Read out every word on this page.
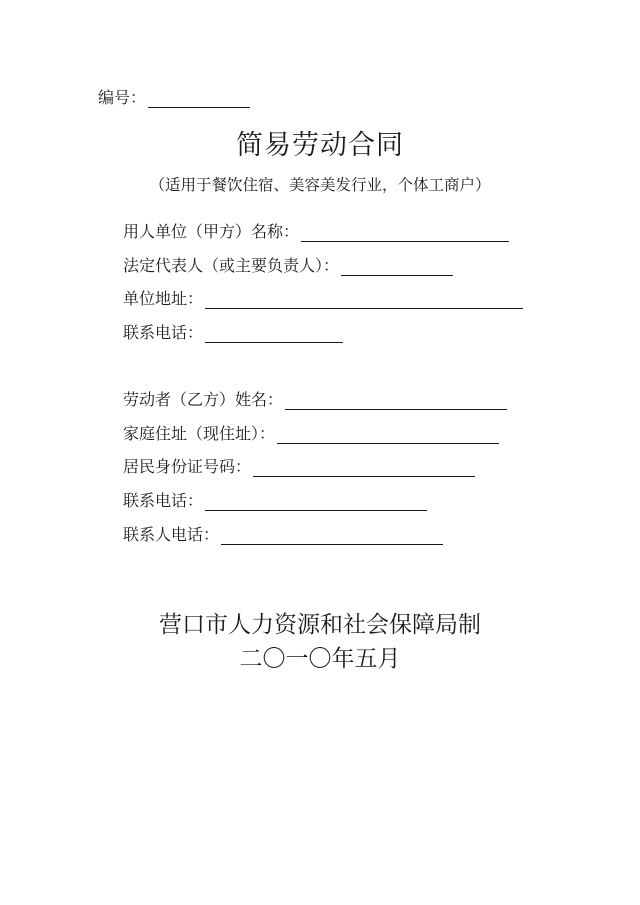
编号：
简易劳动合同
（适用于餐饮住宿、美容美发行业，个体工商户）
用人单位（甲方）名称：
法定代表人（或主要负责人）：
单位地址：
联系电话：
劳动者（乙方）姓名：
家庭住址（现住址）：
居民身份证号码：
联系电话：
联系人电话：
营口市人力资源和社会保障局制
二〇一〇年五月
